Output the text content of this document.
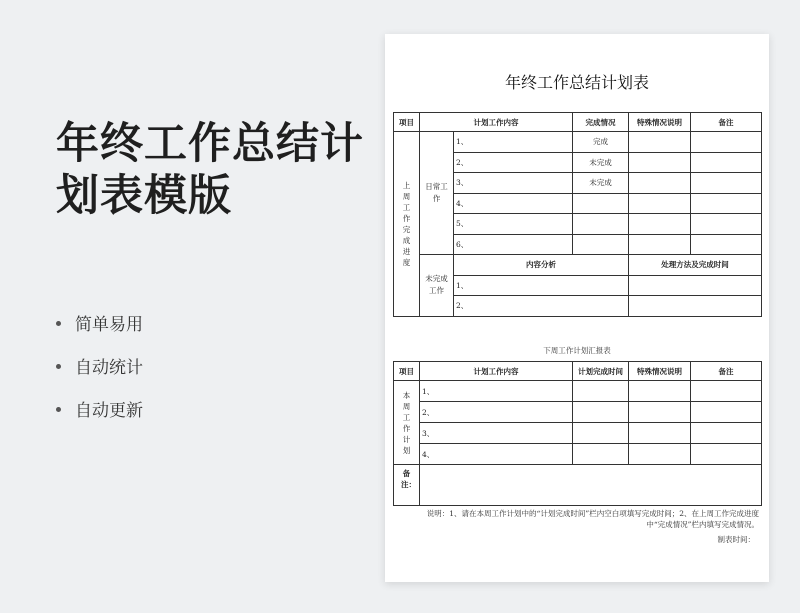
年终工作总结计
划表模版
简单易用
自动统计
自动更新
年终工作总结计划表
项目	计划工作内容		完成情况	特殊情况说明	备注
上周工作完成进度	日常工作	1、	完成		
		2、	未完成		
		3、	未完成		
		4、			
		5、			
		6、			
	未完成工作	内容分析		处理方法及完成时间	
		1、			
		2、			
下周工作计划汇报表
项目	计划工作内容	计划完成时间	特殊情况说明	备注
本周工作计划	1、			
	2、			
	3、			
	4、			
备注：				
说明：1、请在本周工作计划中的“计划完成时间”栏内空白项填写完成时间；2、在上周工作完成进度中“完成情况”栏内填写完成情况。
制表时间：
